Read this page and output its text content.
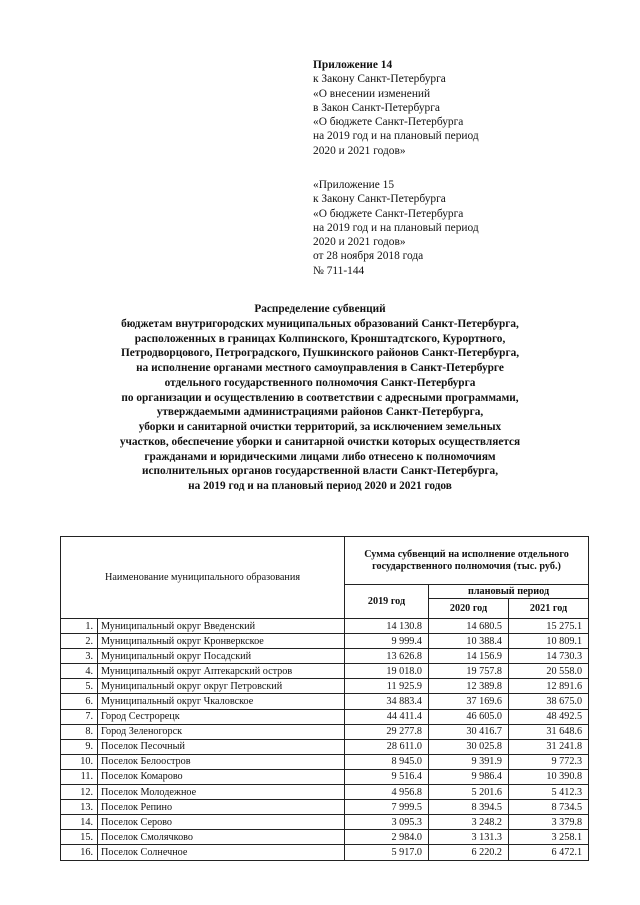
Приложение 14
к Закону Санкт-Петербурга
«О внесении изменений
в Закон Санкт-Петербурга
«О бюджете Санкт-Петербурга
на 2019 год и на плановый период
2020 и 2021 годов»
«Приложение 15
к Закону Санкт-Петербурга
«О бюджете Санкт-Петербурга
на 2019 год и на плановый период
2020 и 2021 годов»
от 28 ноября 2018 года
№ 711-144
Распределение субвенций
бюджетам внутригородских муниципальных образований Санкт-Петербурга,
расположенных в границах Колпинского, Кронштадтского, Курортного,
Петродворцового, Петроградского, Пушкинского районов Санкт-Петербурга,
на исполнение органами местного самоуправления в Санкт-Петербурге
отдельного государственного полномочия Санкт-Петербурга
по организации и осуществлению в соответствии с адресными программами,
утверждаемыми администрациями районов Санкт-Петербурга,
уборки и санитарной очистки территорий, за исключением земельных
участков, обеспечение уборки и санитарной очистки которых осуществляется
гражданами и юридическими лицами либо отнесено к полномочиям
исполнительных органов государственной власти Санкт-Петербурга,
на 2019 год и на плановый период 2020 и 2021 годов
Наименование муниципального образования		Сумма субвенций на исполнение отдельного государственного полномочия (тыс. руб.)		
		2019 год	плановый период	
			2020 год	2021 год
1.	Муниципальный округ Введенский	14 130.8	14 680.5	15 275.1
2.	Муниципальный округ Кронверкское	9 999.4	10 388.4	10 809.1
3.	Муниципальный округ Посадский	13 626.8	14 156.9	14 730.3
4.	Муниципальный округ Аптекарский остров	19 018.0	19 757.8	20 558.0
5.	Муниципальный округ округ Петровский	11 925.9	12 389.8	12 891.6
6.	Муниципальный округ Чкаловское	34 883.4	37 169.6	38 675.0
7.	Город Сестрорецк	44 411.4	46 605.0	48 492.5
8.	Город Зеленогорск	29 277.8	30 416.7	31 648.6
9.	Поселок Песочный	28 611.0	30 025.8	31 241.8
10.	Поселок Белоостров	8 945.0	9 391.9	9 772.3
11.	Поселок Комарово	9 516.4	9 986.4	10 390.8
12.	Поселок Молодежное	4 956.8	5 201.6	5 412.3
13.	Поселок Репино	7 999.5	8 394.5	8 734.5
14.	Поселок Серово	3 095.3	3 248.2	3 379.8
15.	Поселок Смолячково	2 984.0	3 131.3	3 258.1
16.	Поселок Солнечное	5 917.0	6 220.2	6 472.1
